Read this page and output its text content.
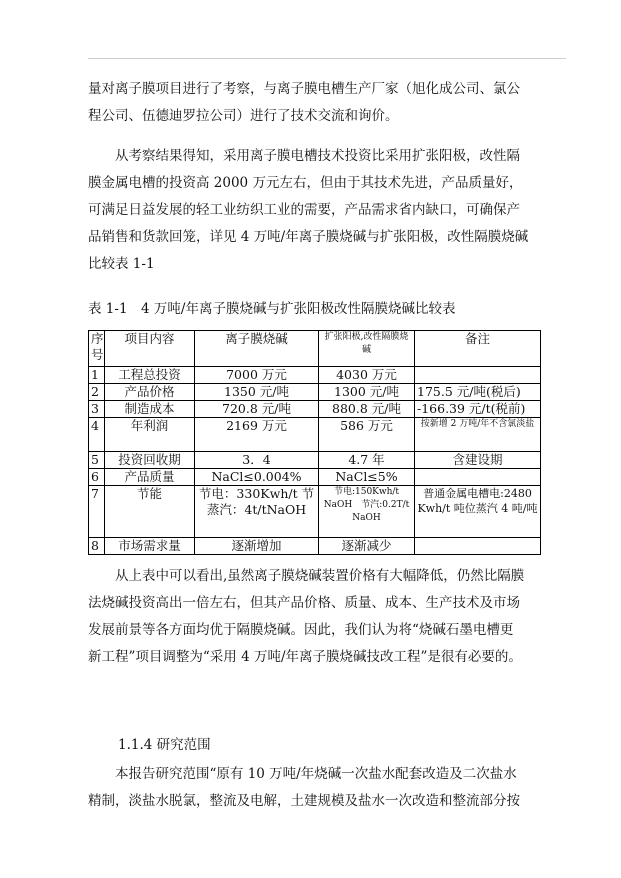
量对离子膜项目进行了考察，与离子膜电槽生产厂家（旭化成公司、氯公
程公司、伍德迪罗拉公司）进行了技术交流和询价。
　　从考察结果得知，采用离子膜电槽技术投资比采用扩张阳极，改性隔
膜金属电槽的投资高 2000 万元左右，但由于其技术先进，产品质量好，
可满足日益发展的轻工业纺织工业的需要，产品需求省内缺口，可确保产
品销售和货款回笼，详见 4 万吨/年离子膜烧碱与扩张阳极，改性隔膜烧碱
比较表 1-1
表 1-1　4 万吨/年离子膜烧碱与扩张阳极改性隔膜烧碱比较表
序号	项目内容	离子膜烧碱	扩张阳极,改性隔膜烧碱	备注
1	工程总投资	7000 万元	4030 万元	
2	产品价格	1350 元/吨	1300 元/吨	175.5 元/吨(税后)
3	制造成本	720.8 元/吨	880.8 元/吨	-166.39 元/t(税前)
4	年利润	2169 万元	586 万元	按新增 2 万吨/年不含氯淡盐
5	投资回收期	3．4	4.7 年	含建设期
6	产品质量	NaCl≤0.004%	NaCl≤5%	
7	节能	节电：330Kwh/t 节蒸汽：4t/tNaOH	节电:150Kwh/t NaOH　节汽:0.2T/t NaOH	普通金属电槽电:2480 Kwh/t 吨位蒸汽 4 吨/吨
8	市场需求量	逐渐增加	逐渐减少	
　　从上表中可以看出,虽然离子膜烧碱装置价格有大幅降低，仍然比隔膜
法烧碱投资高出一倍左右，但其产品价格、质量、成本、生产技术及市场
发展前景等各方面均优于隔膜烧碱。因此，我们认为将“烧碱石墨电槽更
新工程”项目调整为“采用 4 万吨/年离子膜烧碱技改工程”是很有必要的。
1.1.4 研究范围
　　本报告研究范围“原有 10 万吨/年烧碱一次盐水配套改造及二次盐水
精制，淡盐水脱氯，整流及电解，土建规模及盐水一次改造和整流部分按
